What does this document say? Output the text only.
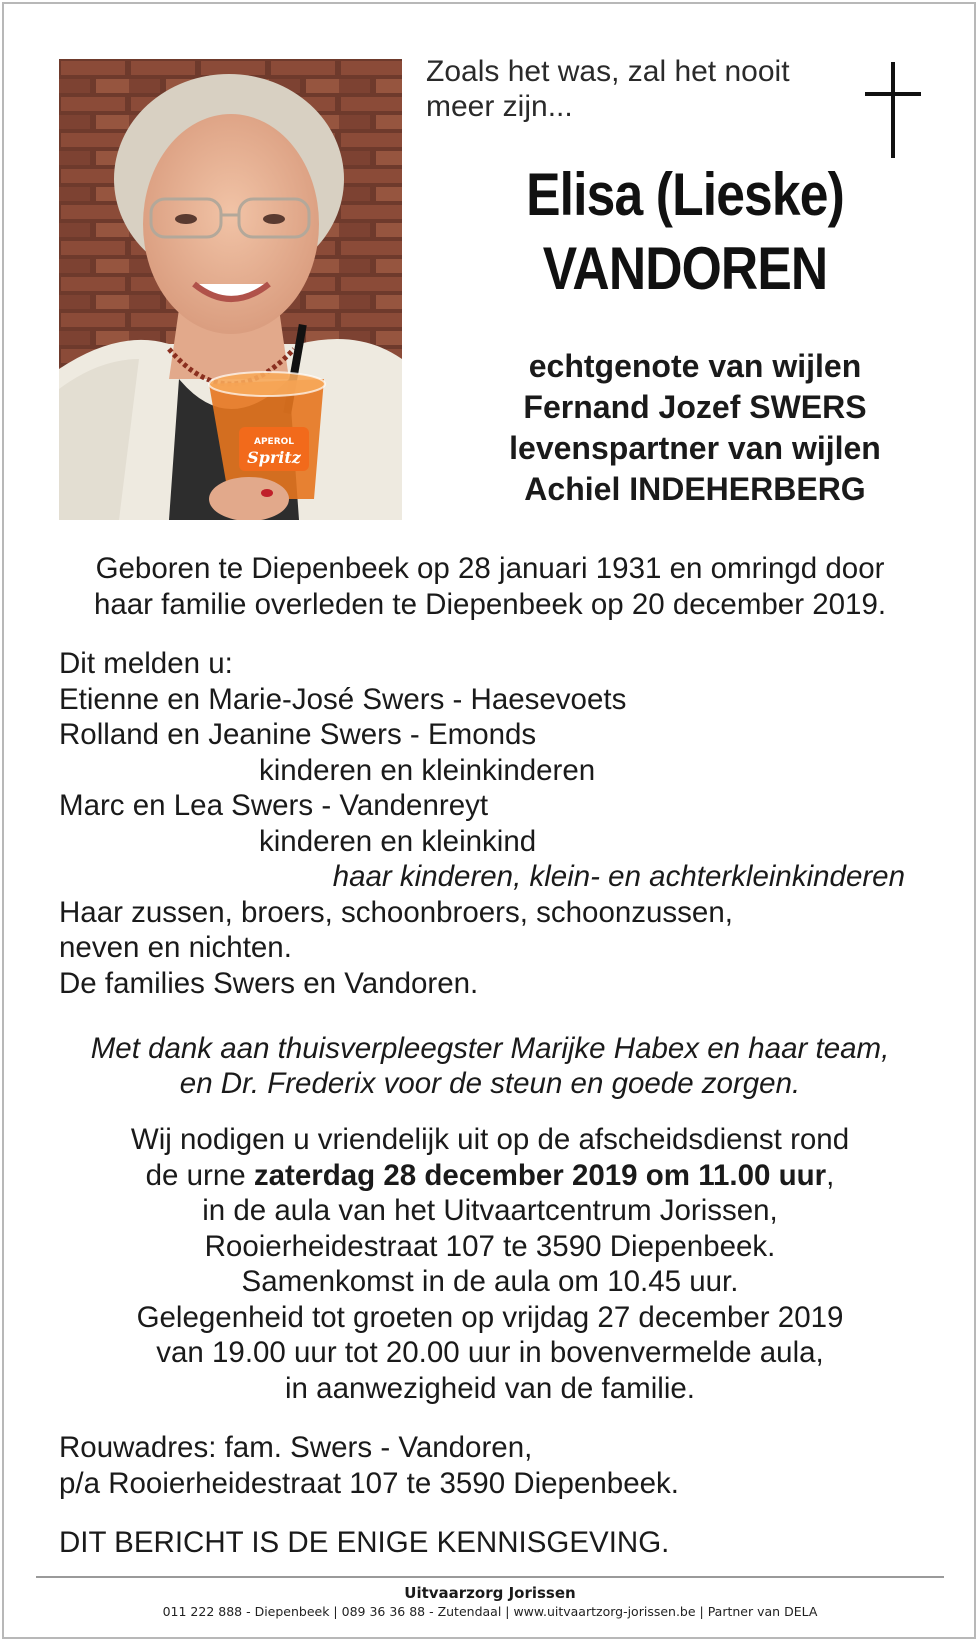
APEROL
Spritz
Zoals het was, zal het nooit
meer zijn...
Elisa (Lieske)
VANDOREN
echtgenote van wijlen
Fernand Jozef SWERS
levenspartner van wijlen
Achiel INDEHERBERG
Geboren te Diepenbeek op 28 januari 1931 en omringd door
haar familie overleden te Diepenbeek op 20 december 2019.
Dit melden u:
Etienne en Marie-José Swers - Haesevoets
Rolland en Jeanine Swers - Emonds
kinderen en kleinkinderen
Marc en Lea Swers - Vandenreyt
kinderen en kleinkind
haar kinderen, klein- en achterkleinkinderen
Haar zussen, broers, schoonbroers, schoonzussen,
neven en nichten.
De families Swers en Vandoren.
Met dank aan thuisverpleegster Marijke Habex en haar team,
en Dr. Frederix voor de steun en goede zorgen.
Wij nodigen u vriendelijk uit op de afscheidsdienst rond
de urne zaterdag 28 december 2019 om 11.00 uur,
in de aula van het Uitvaartcentrum Jorissen,
Rooierheidestraat 107 te 3590 Diepenbeek.
Samenkomst in de aula om 10.45 uur.
Gelegenheid tot groeten op vrijdag 27 december 2019
van 19.00 uur tot 20.00 uur in bovenvermelde aula,
in aanwezigheid van de familie.
Rouwadres: fam. Swers - Vandoren,
p/a Rooierheidestraat 107 te 3590 Diepenbeek.
DIT BERICHT IS DE ENIGE KENNISGEVING.
Uitvaarzorg Jorissen
011 222 888 - Diepenbeek | 089 36 36 88 - Zutendaal | www.uitvaartzorg-jorissen.be | Partner van DELA
